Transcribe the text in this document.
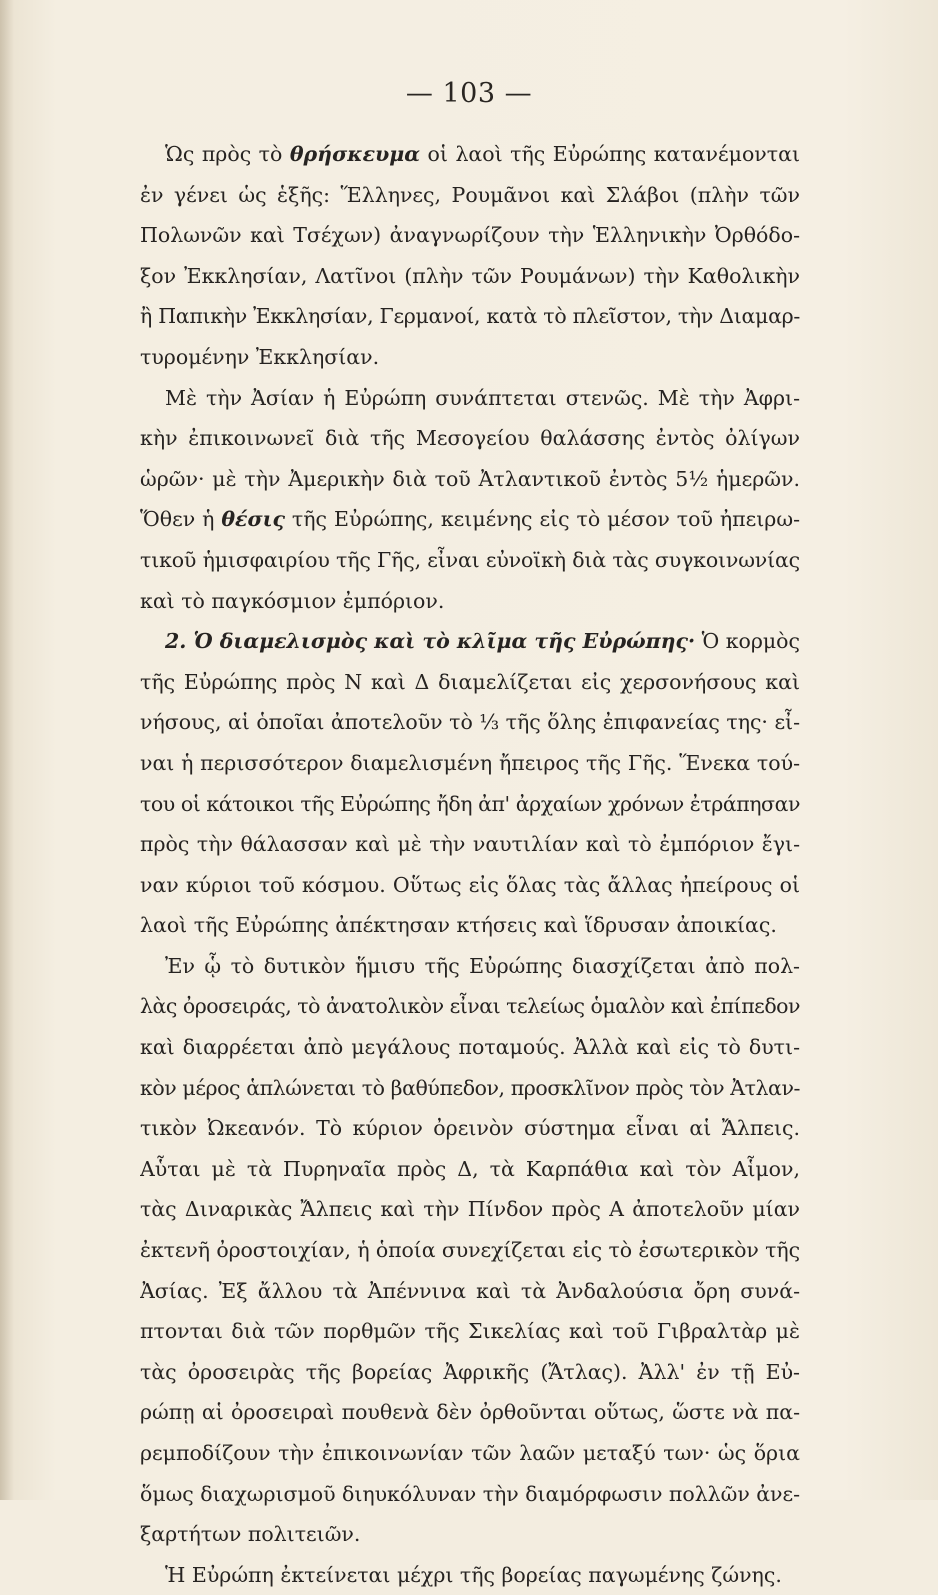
— 103 —

Ὡς πρὸς τὸ θρήσκευμα οἱ λαοὶ τῆς Εὐρώπης κατανέμονται
ἐν γένει ὡς ἑξῆς: Ἕλληνες, Ρουμᾶνοι καὶ Σλάβοι (πλὴν τῶν
Πολωνῶν καὶ Τσέχων) ἀναγνωρίζουν τὴν Ἑλληνικὴν Ὀρθόδο-
ξον Ἐκκλησίαν, Λατῖνοι (πλὴν τῶν Ρουμάνων) τὴν Καθολικὴν
ἢ Παπικὴν Ἐκκλησίαν, Γερμανοί, κατὰ τὸ πλεῖστον, τὴν Διαμαρ-
τυρομένην Ἐκκλησίαν.

Μὲ τὴν Ἀσίαν ἡ Εὐρώπη συνάπτεται στενῶς. Μὲ τὴν Ἀφρι-
κὴν ἐπικοινωνεῖ διὰ τῆς Μεσογείου θαλάσσης ἐντὸς ὀλίγων
ὡρῶν· μὲ τὴν Ἀμερικὴν διὰ τοῦ Ἀτλαντικοῦ ἐντὸς 5½ ἡμερῶν.
Ὅθεν ἡ θέσις τῆς Εὐρώπης, κειμένης εἰς τὸ μέσον τοῦ ἠπειρω-
τικοῦ ἡμισφαιρίου τῆς Γῆς, εἶναι εὐνοϊκὴ διὰ τὰς συγκοινωνίας
καὶ τὸ παγκόσμιον ἐμπόριον.

2. Ὁ διαμελισμὸς καὶ τὸ κλῖμα τῆς Εὐρώπης· Ὁ κορμὸς
τῆς Εὐρώπης πρὸς Ν καὶ Δ διαμελίζεται εἰς χερσονήσους καὶ
νήσους, αἱ ὁποῖαι ἀποτελοῦν τὸ ⅓ τῆς ὅλης ἐπιφανείας της· εἶ-
ναι ἡ περισσότερον διαμελισμένη ἤπειρος τῆς Γῆς. Ἕνεκα τού-
του οἱ κάτοικοι τῆς Εὐρώπης ἤδη ἀπ' ἀρχαίων χρόνων ἐτράπησαν
πρὸς τὴν θάλασσαν καὶ μὲ τὴν ναυτιλίαν καὶ τὸ ἐμπόριον ἔγι-
ναν κύριοι τοῦ κόσμου. Οὕτως εἰς ὅλας τὰς ἄλλας ἠπείρους οἱ
λαοὶ τῆς Εὐρώπης ἀπέκτησαν κτήσεις καὶ ἵδρυσαν ἀποικίας.

Ἐν ᾧ τὸ δυτικὸν ἥμισυ τῆς Εὐρώπης διασχίζεται ἀπὸ πολ-
λὰς ὀροσειράς, τὸ ἀνατολικὸν εἶναι τελείως ὁμαλὸν καὶ ἐπίπεδον
καὶ διαρρέεται ἀπὸ μεγάλους ποταμούς. Ἀλλὰ καὶ εἰς τὸ δυτι-
κὸν μέρος ἁπλώνεται τὸ βαθύπεδον, προσκλῖνον πρὸς τὸν Ἀτλαν-
τικὸν Ὠκεανόν. Τὸ κύριον ὀρεινὸν σύστημα εἶναι αἱ Ἄλπεις.
Αὗται μὲ τὰ Πυρηναῖα πρὸς Δ, τὰ Καρπάθια καὶ τὸν Αἷμον,
τὰς Διναρικὰς Ἄλπεις καὶ τὴν Πίνδον πρὸς Α ἀποτελοῦν μίαν
ἐκτενῆ ὀροστοιχίαν, ἡ ὁποία συνεχίζεται εἰς τὸ ἐσωτερικὸν τῆς
Ἀσίας. Ἐξ ἄλλου τὰ Ἀπέννινα καὶ τὰ Ἀνδαλούσια ὄρη συνά-
πτονται διὰ τῶν πορθμῶν τῆς Σικελίας καὶ τοῦ Γιβραλτὰρ μὲ
τὰς ὀροσειρὰς τῆς βορείας Ἀφρικῆς (Ἄτλας). Ἀλλ' ἐν τῇ Εὐ-
ρώπῃ αἱ ὀροσειραὶ πουθενὰ δὲν ὀρθοῦνται οὕτως, ὥστε νὰ πα-
ρεμποδίζουν τὴν ἐπικοινωνίαν τῶν λαῶν μεταξύ των· ὡς ὅρια
ὅμως διαχωρισμοῦ διηυκόλυναν τὴν διαμόρφωσιν πολλῶν ἀνε-
ξαρτήτων πολιτειῶν.

Ἡ Εὐρώπη ἐκτείνεται μέχρι τῆς βορείας παγωμένης ζώνης.
